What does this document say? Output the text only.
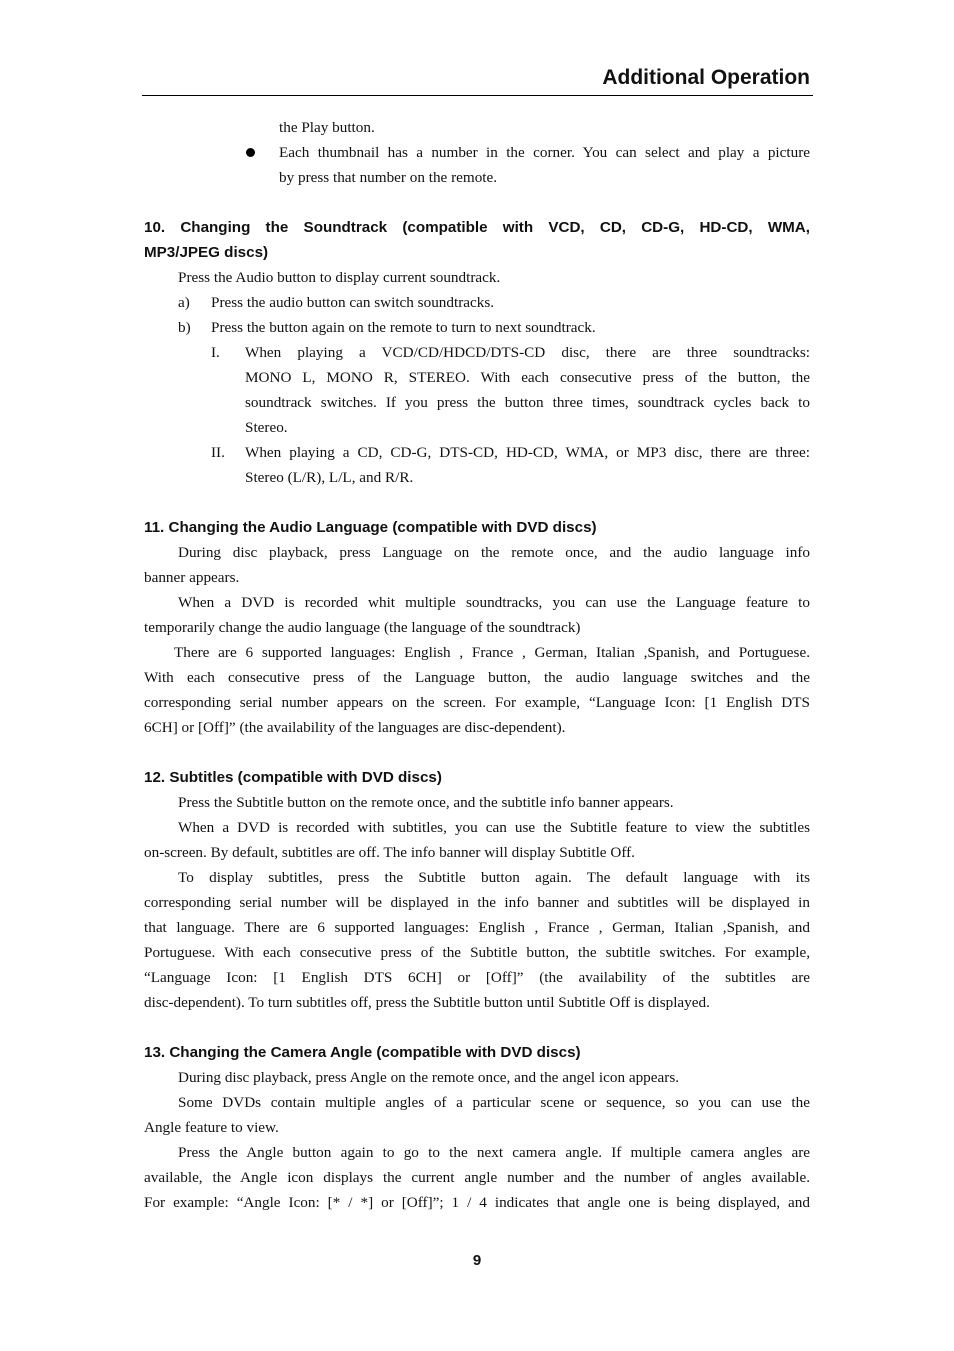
Additional Operation
the Play button.
Each thumbnail has a number in the corner. You can select and play a picture
by press that number on the remote.
10. Changing the Soundtrack (compatible with VCD, CD, CD-G, HD-CD, WMA,
MP3/JPEG discs)
Press the Audio button to display current soundtrack.
a) Press the audio button can switch soundtracks.
b) Press the button again on the remote to turn to next soundtrack.
I. When playing a VCD/CD/HDCD/DTS-CD disc, there are three soundtracks:
MONO L, MONO R, STEREO. With each consecutive press of the button, the
soundtrack switches. If you press the button three times, soundtrack cycles back to
Stereo.
II. When playing a CD, CD-G, DTS-CD, HD-CD, WMA, or MP3 disc, there are three:
Stereo (L/R), L/L, and R/R.
11. Changing the Audio Language (compatible with DVD discs)
During disc playback, press Language on the remote once, and the audio language info
banner appears.
When a DVD is recorded whit multiple soundtracks, you can use the Language feature to
temporarily change the audio language (the language of the soundtrack)
There are 6 supported languages: English , France , German, Italian ,Spanish, and Portuguese.
With each consecutive press of the Language button, the audio language switches and the
corresponding serial number appears on the screen. For example, “Language Icon: [1 English DTS
6CH] or [Off]” (the availability of the languages are disc-dependent).
12. Subtitles (compatible with DVD discs)
Press the Subtitle button on the remote once, and the subtitle info banner appears.
When a DVD is recorded with subtitles, you can use the Subtitle feature to view the subtitles
on-screen. By default, subtitles are off. The info banner will display Subtitle Off.
To display subtitles, press the Subtitle button again. The default language with its
corresponding serial number will be displayed in the info banner and subtitles will be displayed in
that language. There are 6 supported languages: English , France , German, Italian ,Spanish, and
Portuguese. With each consecutive press of the Subtitle button, the subtitle switches. For example,
“Language Icon: [1 English DTS 6CH] or [Off]” (the availability of the subtitles are
disc-dependent). To turn subtitles off, press the Subtitle button until Subtitle Off is displayed.
13. Changing the Camera Angle (compatible with DVD discs)
During disc playback, press Angle on the remote once, and the angel icon appears.
Some DVDs contain multiple angles of a particular scene or sequence, so you can use the
Angle feature to view.
Press the Angle button again to go to the next camera angle. If multiple camera angles are
available, the Angle icon displays the current angle number and the number of angles available.
For example: “Angle Icon: [* / *] or [Off]”; 1 / 4 indicates that angle one is being displayed, and
9
